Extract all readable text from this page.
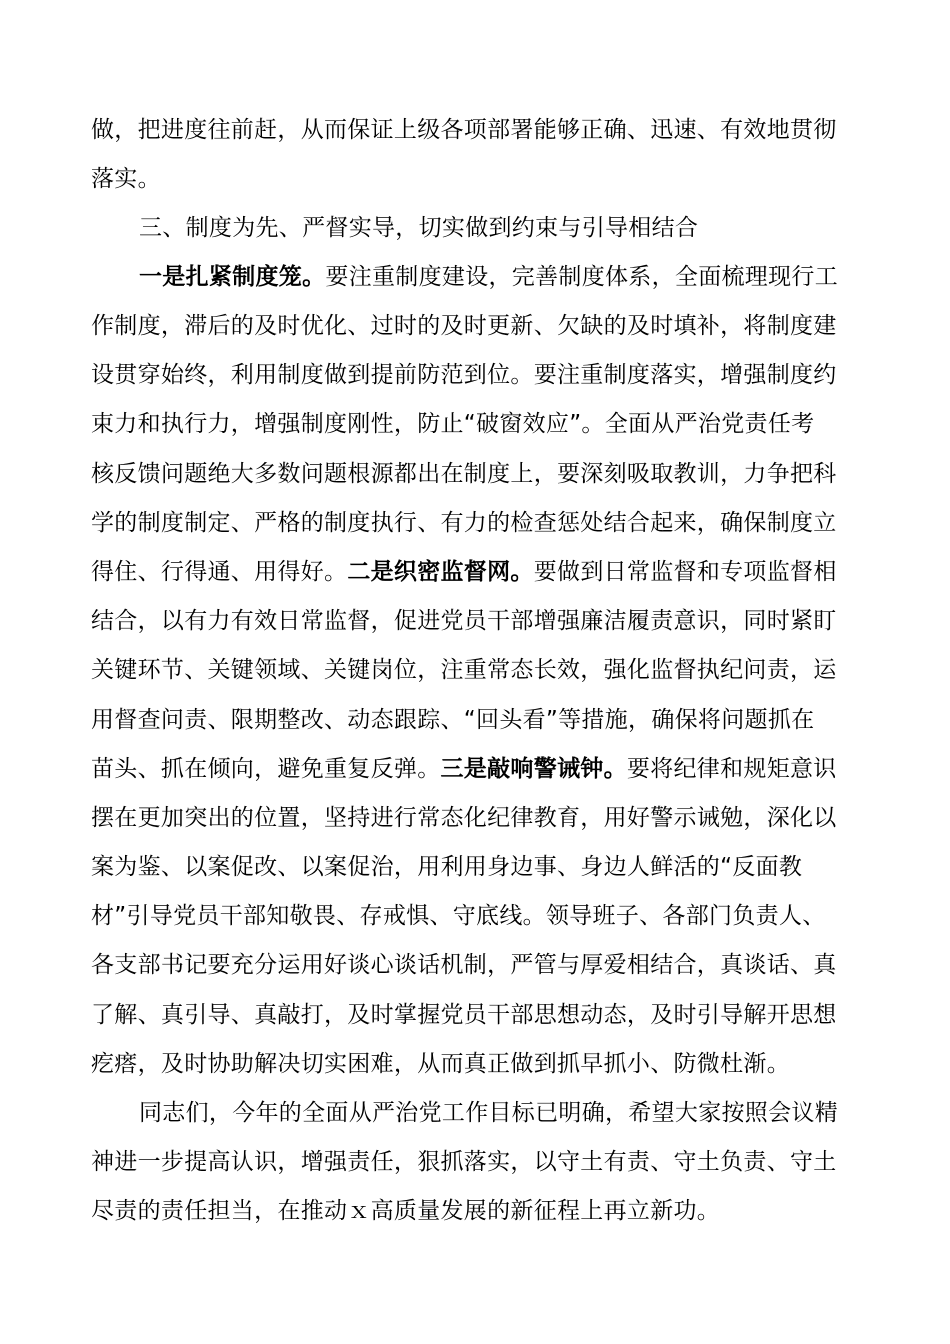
做，把进度往前赶，从而保证上级各项部署能够正确、迅速、有效地贯彻
落实。
三、制度为先、严督实导，切实做到约束与引导相结合
一是扎紧制度笼。要注重制度建设，完善制度体系，全面梳理现行工
作制度，滞后的及时优化、过时的及时更新、欠缺的及时填补，将制度建
设贯穿始终，利用制度做到提前防范到位。要注重制度落实，增强制度约
束力和执行力，增强制度刚性，防止“破窗效应”。全面从严治党责任考
核反馈问题绝大多数问题根源都出在制度上，要深刻吸取教训，力争把科
学的制度制定、严格的制度执行、有力的检查惩处结合起来，确保制度立
得住、行得通、用得好。二是织密监督网。要做到日常监督和专项监督相
结合，以有力有效日常监督，促进党员干部增强廉洁履责意识，同时紧盯
关键环节、关键领域、关键岗位，注重常态长效，强化监督执纪问责，运
用督查问责、限期整改、动态跟踪、“回头看”等措施，确保将问题抓在
苗头、抓在倾向，避免重复反弹。三是敲响警诫钟。要将纪律和规矩意识
摆在更加突出的位置，坚持进行常态化纪律教育，用好警示诫勉，深化以
案为鉴、以案促改、以案促治，用利用身边事、身边人鲜活的“反面教
材”引导党员干部知敬畏、存戒惧、守底线。领导班子、各部门负责人、
各支部书记要充分运用好谈心谈话机制，严管与厚爱相结合，真谈话、真
了解、真引导、真敲打，及时掌握党员干部思想动态，及时引导解开思想
疙瘩，及时协助解决切实困难，从而真正做到抓早抓小、防微杜渐。
同志们，今年的全面从严治党工作目标已明确，希望大家按照会议精
神进一步提高认识，增强责任，狠抓落实，以守土有责、守土负责、守土
尽责的责任担当，在推动ｘ高质量发展的新征程上再立新功。
